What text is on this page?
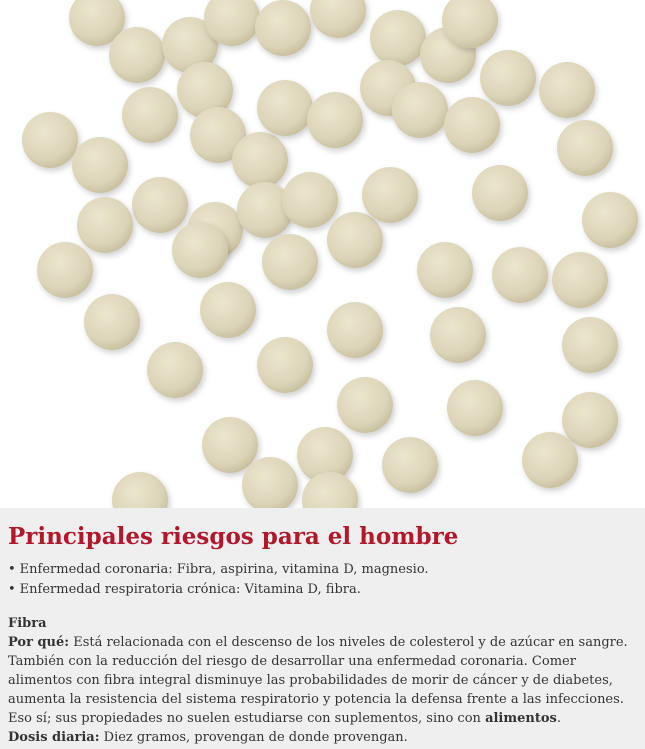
Principales riesgos para el hombre
• Enfermedad coronaria: Fibra, aspirina, vitamina D, magnesio.
• Enfermedad respiratoria crónica: Vitamina D, fibra.

Fibra

Por qué: Está relacionada con el descenso de los niveles de colesterol y de azúcar en sangre. También con la reducción del riesgo de desarrollar una enfermedad coronaria. Comer alimentos con fibra integral disminuye las probabilidades de morir de cáncer y de diabetes, aumenta la resistencia del sistema respiratorio y potencia la defensa frente a las infecciones. Eso sí; sus propiedades no suelen estudiarse con suplementos, sino con alimentos.

Dosis diaria: Diez gramos, provengan de donde provengan.
